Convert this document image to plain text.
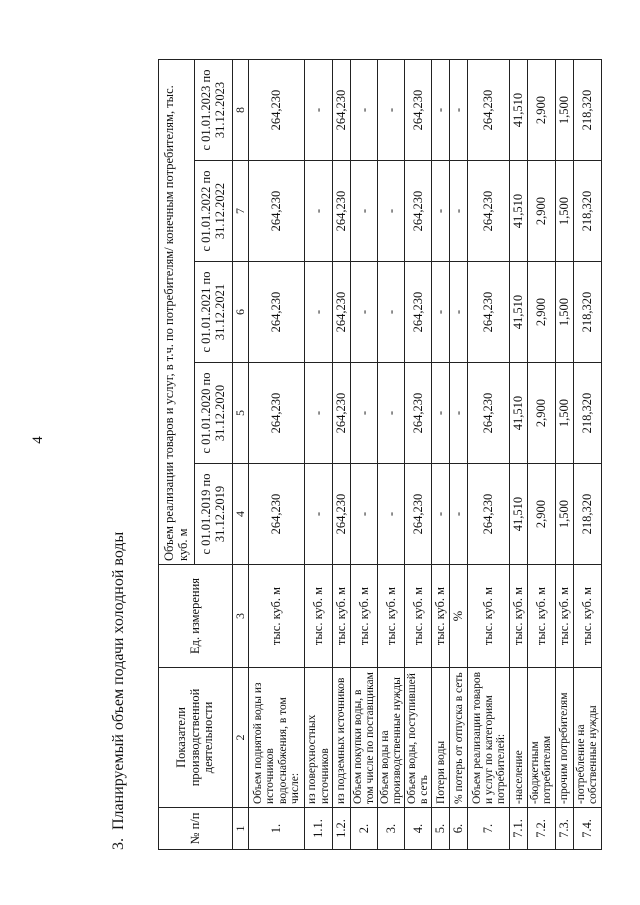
4
3.Планируемый объем подачи холодной воды	№ п/п	Показатели производственной деятельности	Ед. измерения	Объем реализации товаров и услуг, в т.ч. по потребителям/ конечным потребителям, тыс. куб. м				
			с 01.01.2019 по 31.12.2019	с 01.01.2020 по 31.12.2020	с 01.01.2021 по 31.12.2021	с 01.01.2022 по 31.12.2022	с 01.01.2023 по 31.12.2023
1	2	3	4	5	6	7	8
1.	Объем поднятой воды из источников водоснабжения, в том числе:	тыс. куб. м	264,230	264,230	264,230	264,230	264,230
1.1.	из поверхностных источников	тыс. куб. м	-	-	-	-	-
1.2.	из подземных источников	тыс. куб. м	264,230	264,230	264,230	264,230	264,230
2.	Объем покупки воды, в том числе по поставщикам	тыс. куб. м	-	-	-	-	-
3.	Объем воды на производственные нужды	тыс. куб. м	-	-	-	-	-
4.	Объем воды, поступившей в сеть	тыс. куб. м	264,230	264,230	264,230	264,230	264,230
5.	Потери воды	тыс. куб. м	-	-	-	-	-
6.	% потерь от отпуска в сеть	%	-	-	-	-	-
7.	Объем реализации товаров и услуг по категориям потребителей:	тыс. куб. м	264,230	264,230	264,230	264,230	264,230
7.1.	-население	тыс. куб. м	41,510	41,510	41,510	41,510	41,510
7.2.	-бюджетным потребителям	тыс. куб. м	2,900	2,900	2,900	2,900	2,900
7.3.	-прочим потребителям	тыс. куб. м	1,500	1,500	1,500	1,500	1,500
7.4.	-потребление на собственные нужды	тыс. куб. м	218,320	218,320	218,320	218,320	218,320
